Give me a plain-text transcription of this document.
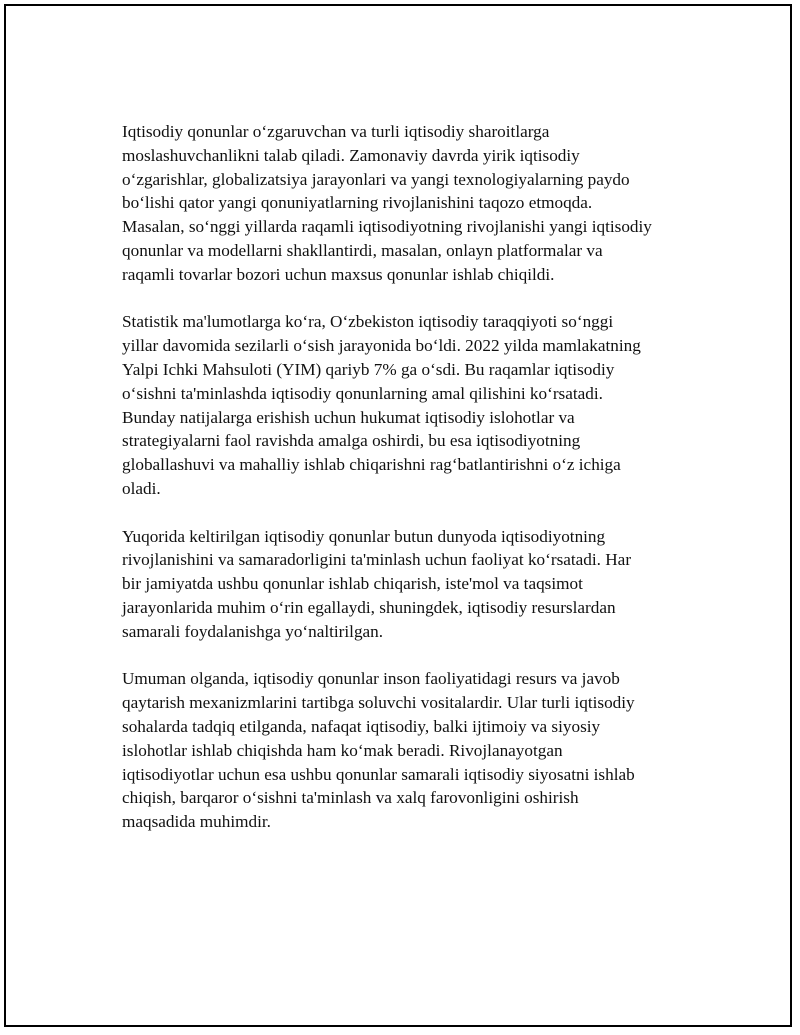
Iqtisodiy qonunlar o‘zgaruvchan va turli iqtisodiy sharoitlarga
moslashuvchanlikni talab qiladi. Zamonaviy davrda yirik iqtisodiy
o‘zgarishlar, globalizatsiya jarayonlari va yangi texnologiyalarning paydo
bo‘lishi qator yangi qonuniyatlarning rivojlanishini taqozo etmoqda.
Masalan, so‘nggi yillarda raqamli iqtisodiyotning rivojlanishi yangi iqtisodiy
qonunlar va modellarni shakllantirdi, masalan, onlayn platformalar va
raqamli tovarlar bozori uchun maxsus qonunlar ishlab chiqildi.

Statistik ma'lumotlarga ko‘ra, O‘zbekiston iqtisodiy taraqqiyoti so‘nggi
yillar davomida sezilarli o‘sish jarayonida bo‘ldi. 2022 yilda mamlakatning
Yalpi Ichki Mahsuloti (YIM) qariyb 7% ga o‘sdi. Bu raqamlar iqtisodiy
o‘sishni ta'minlashda iqtisodiy qonunlarning amal qilishini ko‘rsatadi.
Bunday natijalarga erishish uchun hukumat iqtisodiy islohotlar va
strategiyalarni faol ravishda amalga oshirdi, bu esa iqtisodiyotning
globallashuvi va mahalliy ishlab chiqarishni rag‘batlantirishni o‘z ichiga
oladi.

Yuqorida keltirilgan iqtisodiy qonunlar butun dunyoda iqtisodiyotning
rivojlanishini va samaradorligini ta'minlash uchun faoliyat ko‘rsatadi. Har
bir jamiyatda ushbu qonunlar ishlab chiqarish, iste'mol va taqsimot
jarayonlarida muhim o‘rin egallaydi, shuningdek, iqtisodiy resurslardan
samarali foydalanishga yo‘naltirilgan.

Umuman olganda, iqtisodiy qonunlar inson faoliyatidagi resurs va javob
qaytarish mexanizmlarini tartibga soluvchi vositalardir. Ular turli iqtisodiy
sohalarda tadqiq etilganda, nafaqat iqtisodiy, balki ijtimoiy va siyosiy
islohotlar ishlab chiqishda ham ko‘mak beradi. Rivojlanayotgan
iqtisodiyotlar uchun esa ushbu qonunlar samarali iqtisodiy siyosatni ishlab
chiqish, barqaror o‘sishni ta'minlash va xalq farovonligini oshirish
maqsadida muhimdir.
